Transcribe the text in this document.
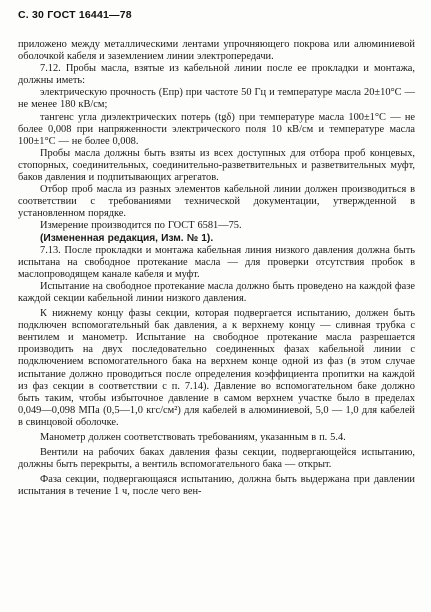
С. 30 ГОСТ 16441—78

приложено между металлическими лентами упрочняющего покрова или алюминиевой оболочкой кабеля и заземлением линии электропередачи.

7.12. Пробы масла, взятые из кабельной линии после ее прокладки и монтажа, должны иметь:

электрическую прочность (Eпр) при частоте 50 Гц и температуре масла 20±10°С — не менее 180 кВ/см;

тангенс угла диэлектрических потерь (tgδ) при температуре масла 100±1°С — не более 0,008 при напряженности электрического поля 10 кВ/см и температуре масла 100±1°С — не более 0,008.

Пробы масла должны быть взяты из всех доступных для отбора проб концевых, стопорных, соединительных, соединительно-разветвительных и разветвительных муфт, баков давления и подпитывающих агрегатов.

Отбор проб масла из разных элементов кабельной линии должен производиться в соответствии с требованиями технической документации, утвержденной в установленном порядке.

Измерение производится по ГОСТ 6581—75.

(Измененная редакция, Изм. № 1).

7.13. После прокладки и монтажа кабельная линия низкого давления должна быть испытана на свободное протекание масла — для проверки отсутствия пробок в маслопроводящем канале кабеля и муфт.

Испытание на свободное протекание масла должно быть проведено на каждой фазе каждой секции кабельной линии низкого давления.

К нижнему концу фазы секции, которая подвергается испытанию, должен быть подключен вспомогательный бак давления, а к верхнему концу — сливная трубка с вентилем и манометр. Испытание на свободное протекание масла разрешается производить на двух последовательно соединенных фазах кабельной линии с подключением вспомогательного бака на верхнем конце одной из фаз (в этом случае испытание должно проводиться после определения коэффициента пропитки на каждой из фаз секции в соответствии с п. 7.14). Давление во вспомогательном баке должно быть таким, чтобы избыточное давление в самом верхнем участке было в пределах 0,049—0,098 МПа (0,5—1,0 кгс/см²) для кабелей в алюминиевой, 5,0 — 1,0 для кабелей в свинцовой оболочке.

Манометр должен соответствовать требованиям, указанным в п. 5.4.

Вентили на рабочих баках давления фазы секции, подвергающейся испытанию, должны быть перекрыты, а вентиль вспомогательного бака — открыт.

Фаза секции, подвергающаяся испытанию, должна быть выдержана при давлении испытания в течение 1 ч, после чего вен-
